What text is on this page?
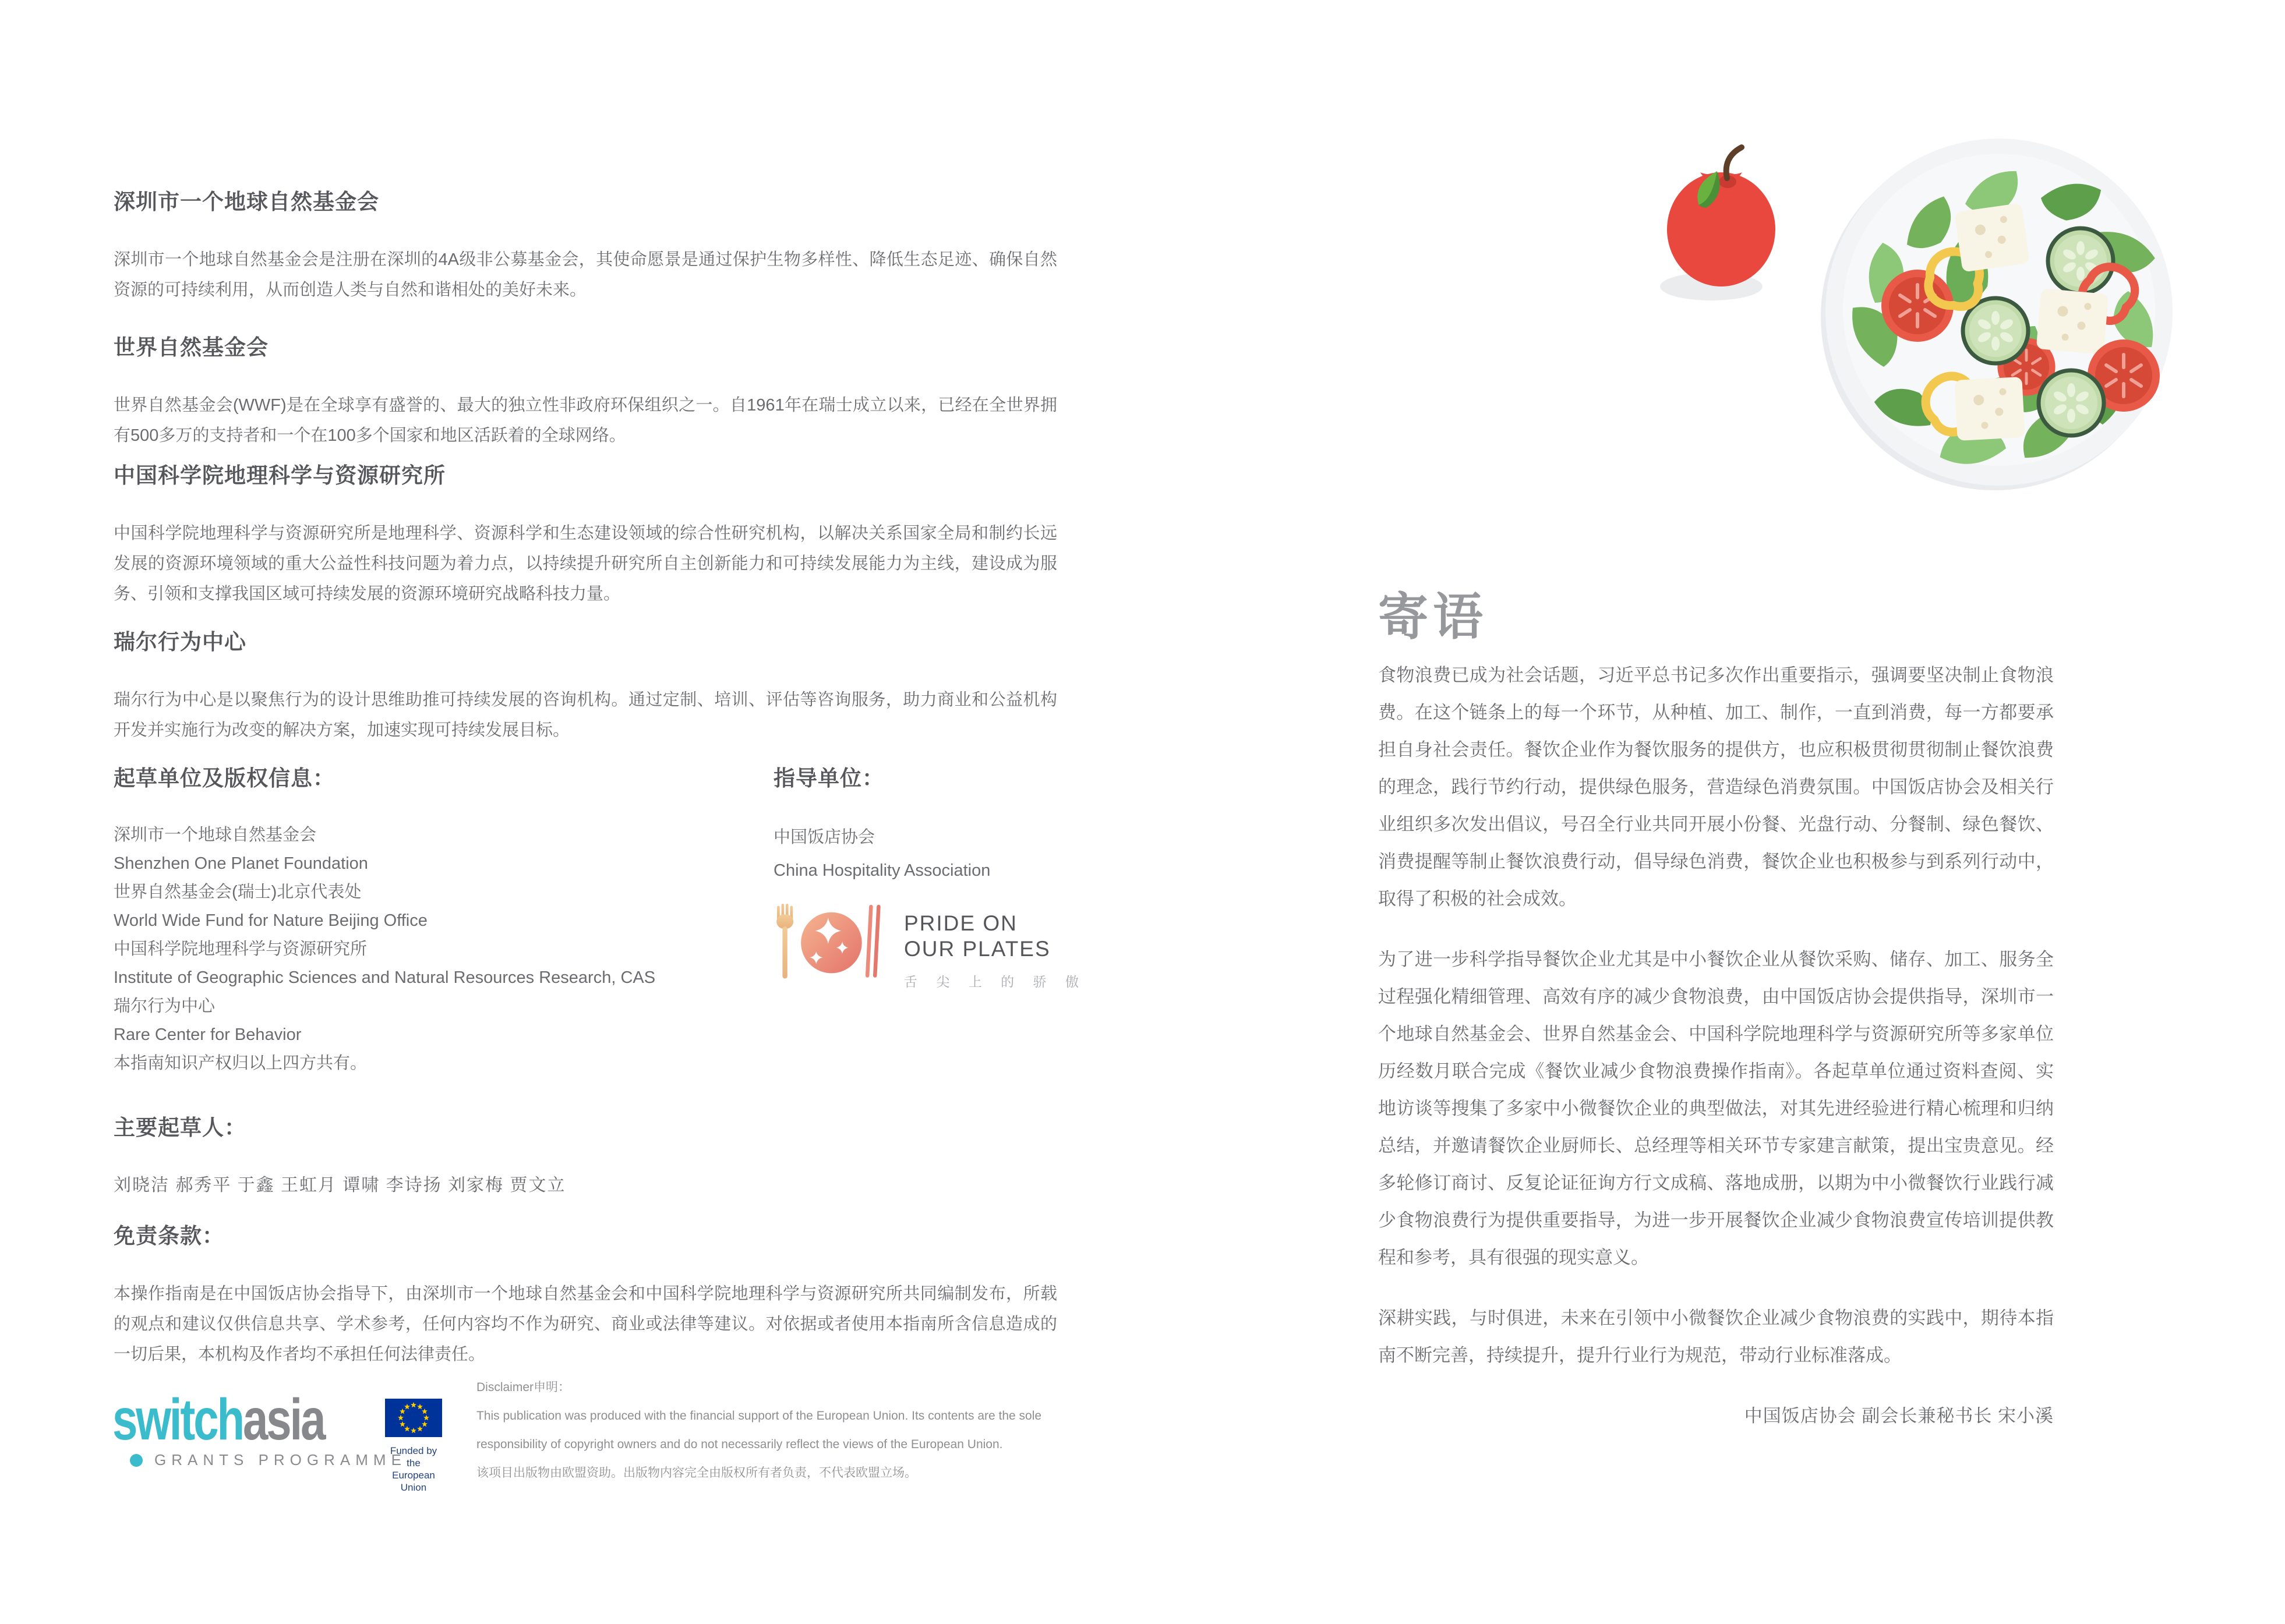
深圳市一个地球自然基金会

深圳市一个地球自然基金会是注册在深圳的4A级非公募基金会，其使命愿景是通过保护生物多样性、降低生态足迹、确保自然资源的可持续利用，从而创造人类与自然和谐相处的美好未来。

世界自然基金会

世界自然基金会(WWF)是在全球享有盛誉的、最大的独立性非政府环保组织之一。自1961年在瑞士成立以来，已经在全世界拥有500多万的支持者和一个在100多个国家和地区活跃着的全球网络。

中国科学院地理科学与资源研究所

中国科学院地理科学与资源研究所是地理科学、资源科学和生态建设领域的综合性研究机构，以解决关系国家全局和制约长远发展的资源环境领域的重大公益性科技问题为着力点，以持续提升研究所自主创新能力和可持续发展能力为主线，建设成为服务、引领和支撑我国区域可持续发展的资源环境研究战略科技力量。

瑞尔行为中心

瑞尔行为中心是以聚焦行为的设计思维助推可持续发展的咨询机构。通过定制、培训、评估等咨询服务，助力商业和公益机构开发并实施行为改变的解决方案，加速实现可持续发展目标。

起草单位及版权信息：
深圳市一个地球自然基金会
Shenzhen One Planet Foundation
世界自然基金会(瑞士)北京代表处
World Wide Fund for Nature Beijing Office
中国科学院地理科学与资源研究所
Institute of Geographic Sciences and Natural Resources Research, CAS
瑞尔行为中心
Rare Center for Behavior
本指南知识产权归以上四方共有。
指导单位：
中国饭店协会
China Hospitality Association
PRIDE ON
OUR PLATES
舌 尖 上 的 骄 傲
主要起草人：

刘晓洁 郝秀平 于鑫 王虹月 谭啸 李诗扬 刘家梅 贾文立

免责条款：

本操作指南是在中国饭店协会指导下，由深圳市一个地球自然基金会和中国科学院地理科学与资源研究所共同编制发布，所载的观点和建议仅供信息共享、学术参考，任何内容均不作为研究、商业或法律等建议。对依据或者使用本指南所含信息造成的一切后果，本机构及作者均不承担任何法律责任。

switchasia
GRANTS PROGRAMME
Funded by the
European Union
Disclaimer申明：
This publication was produced with the financial support of the European Union. Its contents are the sole
responsibility of copyright owners and do not necessarily reflect the views of the European Union.
该项目出版物由欧盟资助。出版物内容完全由版权所有者负责，不代表欧盟立场。
寄语

食物浪费已成为社会话题，习近平总书记多次作出重要指示，强调要坚决制止食物浪费。在这个链条上的每一个环节，从种植、加工、制作，一直到消费，每一方都要承担自身社会责任。餐饮企业作为餐饮服务的提供方，也应积极贯彻贯彻制止餐饮浪费的理念，践行节约行动，提供绿色服务，营造绿色消费氛围。中国饭店协会及相关行业组织多次发出倡议，号召全行业共同开展小份餐、光盘行动、分餐制、绿色餐饮、消费提醒等制止餐饮浪费行动，倡导绿色消费，餐饮企业也积极参与到系列行动中，取得了积极的社会成效。

为了进一步科学指导餐饮企业尤其是中小餐饮企业从餐饮采购、储存、加工、服务全过程强化精细管理、高效有序的减少食物浪费，由中国饭店协会提供指导，深圳市一个地球自然基金会、世界自然基金会、中国科学院地理科学与资源研究所等多家单位历经数月联合完成《餐饮业减少食物浪费操作指南》。各起草单位通过资料查阅、实地访谈等搜集了多家中小微餐饮企业的典型做法，对其先进经验进行精心梳理和归纳总结，并邀请餐饮企业厨师长、总经理等相关环节专家建言献策，提出宝贵意见。经多轮修订商讨、反复论证征询方行文成稿、落地成册，以期为中小微餐饮行业践行减少食物浪费行为提供重要指导，为进一步开展餐饮企业减少食物浪费宣传培训提供教程和参考，具有很强的现实意义。

深耕实践，与时俱进，未来在引领中小微餐饮企业减少食物浪费的实践中，期待本指南不断完善，持续提升，提升行业行为规范，带动行业标准落成。

中国饭店协会 副会长兼秘书长 宋小溪
